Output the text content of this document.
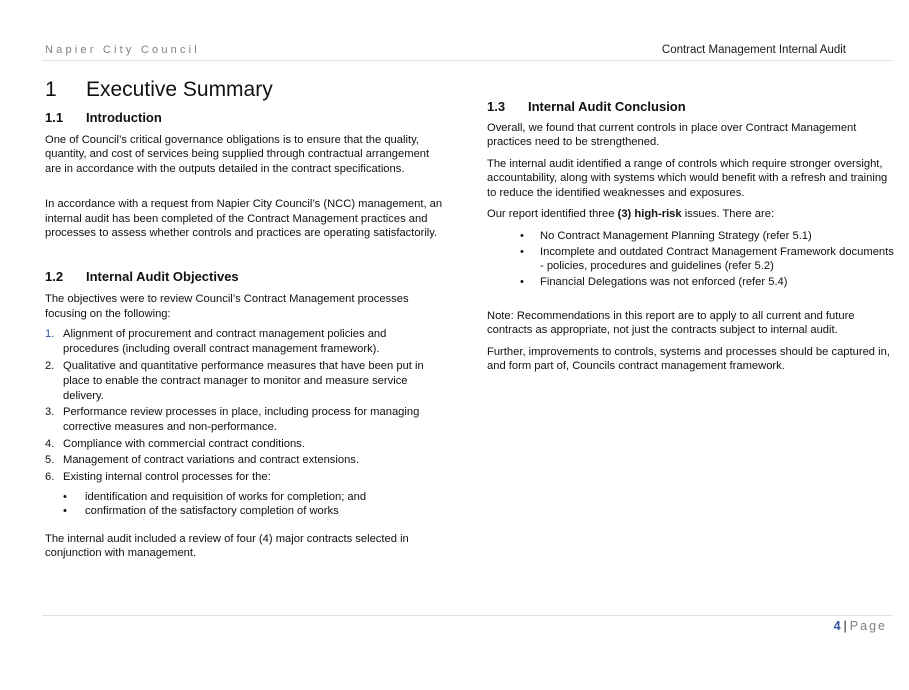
Napier City Council	Contract Management Internal Audit
1	Executive Summary
1.1	Introduction

One of Council’s critical governance obligations is to ensure that the quality, quantity, and cost of services being supplied through contractual arrangement are in accordance with the outputs detailed in the contract specifications.

In accordance with a request from Napier City Council’s (NCC) management, an internal audit has been completed of the Contract Management practices and processes to assess whether controls and practices are operating satisfactorily.

1.2	Internal Audit Objectives

The objectives were to review Council’s Contract Management processes focusing on the following:

1. Alignment of procurement and contract management policies and procedures (including overall contract management framework).
2. Qualitative and quantitative performance measures that have been put in place to enable the contract manager to monitor and measure service delivery.
3. Performance review processes in place, including process for managing corrective measures and non-performance.
4. Compliance with commercial contract conditions.
5. Management of contract variations and contract extensions.
6. Existing internal control processes for the:
•	identification and requisition of works for completion; and
•	confirmation of the satisfactory completion of works

The internal audit included a review of four (4) major contracts selected in conjunction with management.

1.3	Internal Audit Conclusion

Overall, we found that current controls in place over Contract Management practices need to be strengthened.

The internal audit identified a range of controls which require stronger oversight, accountability, along with systems which would benefit with a refresh and training to reduce the identified weaknesses and exposures.

Our report identified three (3) high-risk issues. There are:

•	No Contract Management Planning Strategy (refer 5.1)
•	Incomplete and outdated Contract Management Framework documents - policies, procedures and guidelines (refer 5.2)
•	Financial Delegations was not enforced (refer 5.4)

Note: Recommendations in this report are to apply to all current and future contracts as appropriate, not just the contracts subject to internal audit.

Further, improvements to controls, systems and processes should be captured in, and form part of, Councils contract management framework.

4 | Page
